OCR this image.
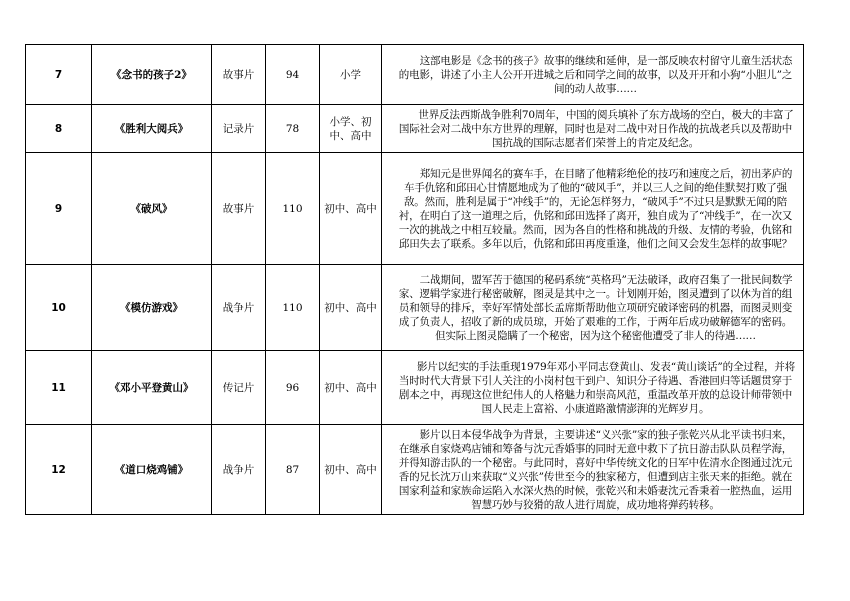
7	《念书的孩子2》	故事片	94	小学	这部电影是《念书的孩子》故事的继续和延伸，是一部反映农村留守儿童生活状态的电影，讲述了小主人公开开进城之后和同学之间的故事，以及开开和小狗“小胆儿”之间的动人故事……

8	《胜利大阅兵》	记录片	78	小学、初中、高中	世界反法西斯战争胜利70周年，中国的阅兵填补了东方战场的空白，极大的丰富了国际社会对二战中东方世界的理解，同时也是对二战中对日作战的抗战老兵以及帮助中国抗战的国际志愿者们荣誉上的肯定及纪念。

9	《破风》	故事片	110	初中、高中	郑知元是世界闻名的赛车手，在目睹了他精彩绝伦的技巧和速度之后，初出茅庐的车手仇铭和邱田心甘情愿地成为了他的“破风手”，并以三人之间的绝佳默契打败了强敌。然而，胜利是属于“冲线手”的，无论怎样努力，“破风手”不过只是默默无闻的陪衬，在明白了这一道理之后，仇铭和邱田选择了离开，独自成为了“冲线手”，在一次又一次的挑战之中相互较量。然而，因为各自的性格和挑战的升级、友情的考验，仇铭和邱田失去了联系。多年以后，仇铭和邱田再度重逢，他们之间又会发生怎样的故事呢？

10	《模仿游戏》	战争片	110	初中、高中	二战期间，盟军苦于德国的秘码系统“英格玛”无法破译，政府召集了一批民间数学家、逻辑学家进行秘密破解，图灵是其中之一。计划刚开始，图灵遭到了以休为首的组员和领导的排斥，幸好军情处部长孟席斯帮助他立项研究破译密码的机器，而图灵则变成了负责人，招收了新的成员琼，开始了艰难的工作，于两年后成功破解德军的密码。但实际上图灵隐瞒了一个秘密，因为这个秘密他遭受了非人的待遇……

11	《邓小平登黄山》	传记片	96	初中、高中	影片以纪实的手法重现1979年邓小平同志登黄山、发表“黄山谈话”的全过程，并将当时时代大背景下引人关注的小岗村包干到户、知识分子待遇、香港回归等话题贯穿于剧本之中，再现这位世纪伟人的人格魅力和崇高风范，重温改革开放的总设计师带领中国人民走上富裕、小康道路激情澎湃的光辉岁月。

12	《道口烧鸡铺》	战争片	87	初中、高中	影片以日本侵华战争为背景，主要讲述“义兴张”家的独子张乾兴从北平读书归来，在继承自家烧鸡店铺和筹备与沈元香婚事的同时无意中救下了抗日游击队队员程学海，并得知游击队的一个秘密。与此同时，喜好中华传统文化的日军中佐清水企图通过沈元香的兄长沈万山来获取“义兴张”传世至今的独家秘方，但遭到店主张天来的拒绝。就在国家利益和家族命运陷入水深火热的时候，张乾兴和未婚妻沈元香秉着一腔热血，运用智慧巧妙与狡猾的敌人进行周旋，成功地将弹药转移。
